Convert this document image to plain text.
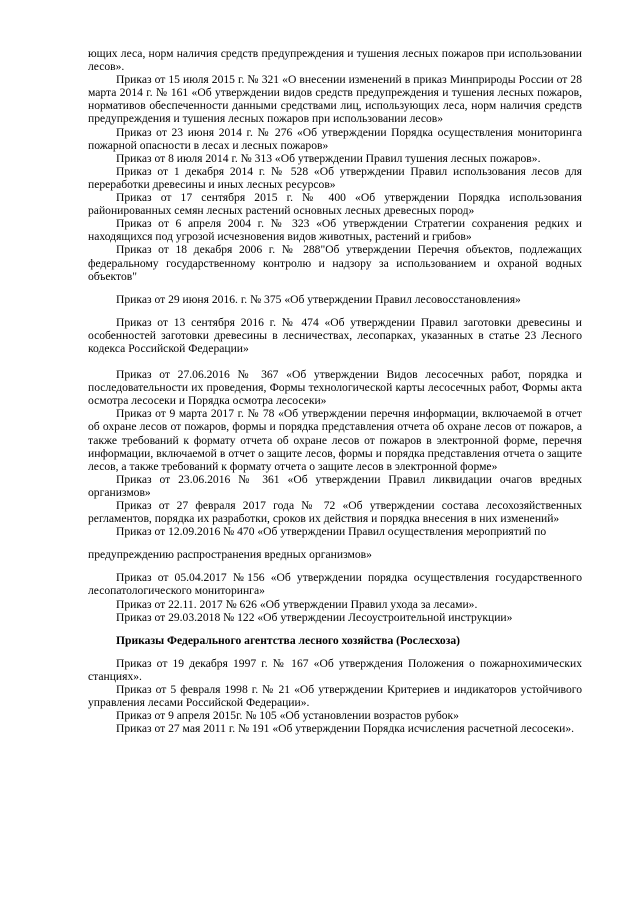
ющих леса, норм наличия средств предупреждения и тушения лесных пожаров при использовании лесов».

Приказ от 15 июля 2015 г. № 321 «О внесении изменений в приказ Минприроды России от 28 марта 2014 г. № 161 «Об утверждении видов средств предупреждения и тушения лесных пожаров, нормативов обеспеченности данными средствами лиц, использующих леса, норм наличия средств предупреждения и тушения лесных пожаров при использовании лесов»

Приказ от 23 июня 2014 г. № 276 «Об утверждении Порядка осуществления мониторинга пожарной опасности в лесах и лесных пожаров»

Приказ от 8 июля 2014 г. № 313 «Об утверждении Правил тушения лесных пожаров».

Приказ от 1 декабря 2014 г. № 528 «Об утверждении Правил использования лесов для переработки древесины и иных лесных ресурсов»

Приказ от 17 сентября 2015 г. № 400 «Об утверждении Порядка использования районированных семян лесных растений основных лесных древесных пород»

Приказ от 6 апреля 2004 г. № 323 «Об утверждении Стратегии сохранения редких и находящихся под угрозой исчезновения видов животных, растений и грибов»

Приказ от 18 декабря 2006 г. № 288"Об утверждении Перечня объектов, подлежащих федеральному государственному контролю и надзору за использованием и охраной водных объектов"

Приказ от 29 июня 2016. г. № 375 «Об утверждении Правил лесовосстановления»

Приказ от 13 сентября 2016 г. № 474 «Об утверждении Правил заготовки древесины и особенностей заготовки древесины в лесничествах, лесопарках, указанных в статье 23 Лесного кодекса Российской Федерации»

Приказ от 27.06.2016 № 367 «Об утверждении Видов лесосечных работ, порядка и последовательности их проведения, Формы технологической карты лесосечных работ, Формы акта осмотра лесосеки и Порядка осмотра лесосеки»

Приказ от 9 марта 2017 г. № 78 «Об утверждении перечня информации, включаемой в отчет об охране лесов от пожаров, формы и порядка представления отчета об охране лесов от пожаров, а также требований к формату отчета об охране лесов от пожаров в электронной форме, перечня информации, включаемой в отчет о защите лесов, формы и порядка представления отчета о защите лесов, а также требований к формату отчета о защите лесов в электронной форме»

Приказ от 23.06.2016 № 361 «Об утверждении Правил ликвидации очагов вредных организмов»

Приказ от 27 февраля 2017 года № 72 «Об утверждении состава лесохозяйственных регламентов, порядка их разработки, сроков их действия и порядка внесения в них изменений»

Приказ от 12.09.2016 № 470 «Об утверждении Правил осуществления мероприятий по

предупреждению распространения вредных организмов»

Приказ от 05.04.2017 №156 «Об утверждении порядка осуществления государственного лесопатологического мониторинга»

Приказ от 22.11. 2017 № 626 «Об утверждении Правил ухода за лесами».

Приказ от 29.03.2018 № 122 «Об утверждении Лесоустроительной инструкции»

Приказы Федерального агентства лесного хозяйства (Рослесхоза)

Приказ от 19 декабря 1997 г. № 167 «Об утверждения Положения о пожарнохимических станциях».

Приказ от 5 февраля 1998 г. № 21 «Об утверждении Критериев и индикаторов устойчивого управления лесами Российской Федерации».

Приказ от 9 апреля 2015г. № 105 «Об установлении возрастов рубок»

Приказ от 27 мая 2011 г. № 191 «Об утверждении Порядка исчисления расчетной лесосеки».
